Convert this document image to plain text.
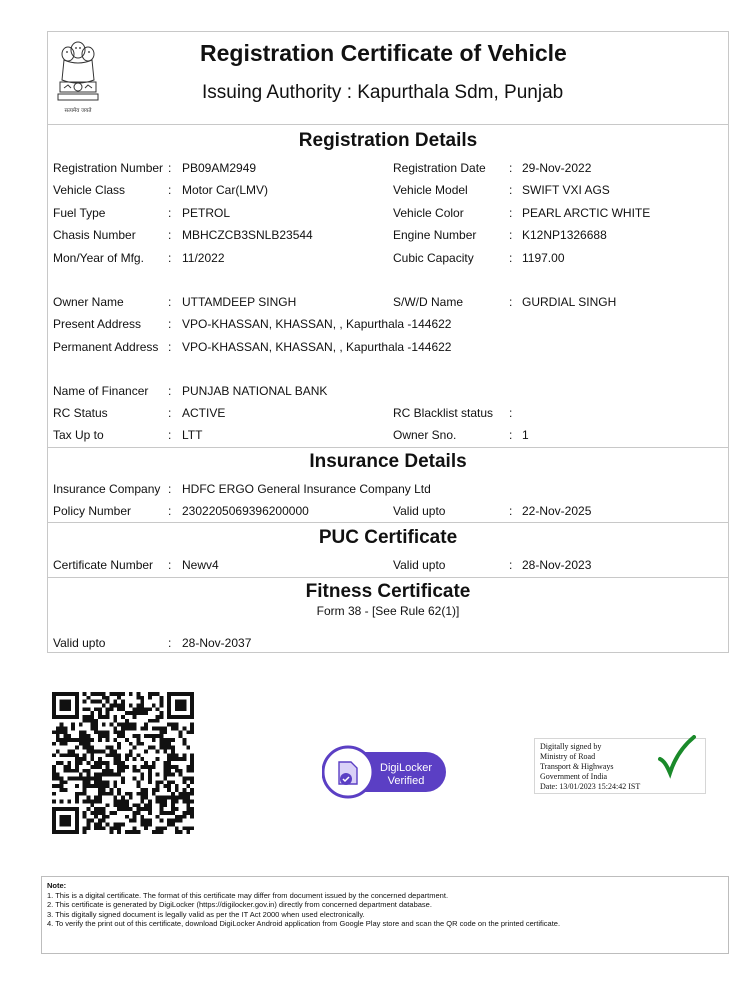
सत्यमेव जयते
Registration Certificate of Vehicle
Issuing Authority : Kapurthala Sdm, Punjab
Registration Details
Registration Number : PB09AM2949	Registration Date : 29-Nov-2022
Vehicle Class	: Motor Car(LMV)	Vehicle Model	: SWIFT VXI AGS
Fuel Type	: PETROL	Vehicle Color	: PEARL ARCTIC WHITE
Chasis Number	: MBHCZCB3SNLB23544	Engine Number	: K12NP1326688
Mon/Year of Mfg. : 11/2022	Cubic Capacity	: 1197.00
Owner Name	: UTTAMDEEP SINGH	S/W/D Name	: GURDIAL SINGH
Present Address : VPO-KHASSAN, KHASSAN, , Kapurthala -144622
Permanent Address : VPO-KHASSAN, KHASSAN, , Kapurthala -144622
Name of Financer : PUNJAB NATIONAL BANK
RC Status	: ACTIVE	RC Blacklist status :
Tax Up to	: LTT	Owner Sno.	: 1
Insurance Details
Insurance Company : HDFC ERGO General Insurance Company Ltd
Policy Number	: 2302205069396200000	Valid upto	: 22-Nov-2025
PUC Certificate
Certificate Number : Newv4	Valid upto	: 28-Nov-2023
Fitness Certificate
Form 38 - [See Rule 62(1)]
Valid upto	: 28-Nov-2037
DigiLocker
Verified
Digitally signed by
Ministry of Road
Transport & Highways
Government of India
Date: 13/01/2023 15:24:42 IST
Note:
1. This is a digital certificate. The format of this certificate may differ from document issued by the concerned department.
2. This certificate is generated by DigiLocker (https://digilocker.gov.in) directly from concerned department database.
3. This digitally signed document is legally valid as per the IT Act 2000 when used electronically.
4. To verify the print out of this certificate, download DigiLocker Android application from Google Play store and scan the QR code on the printed certificate.
